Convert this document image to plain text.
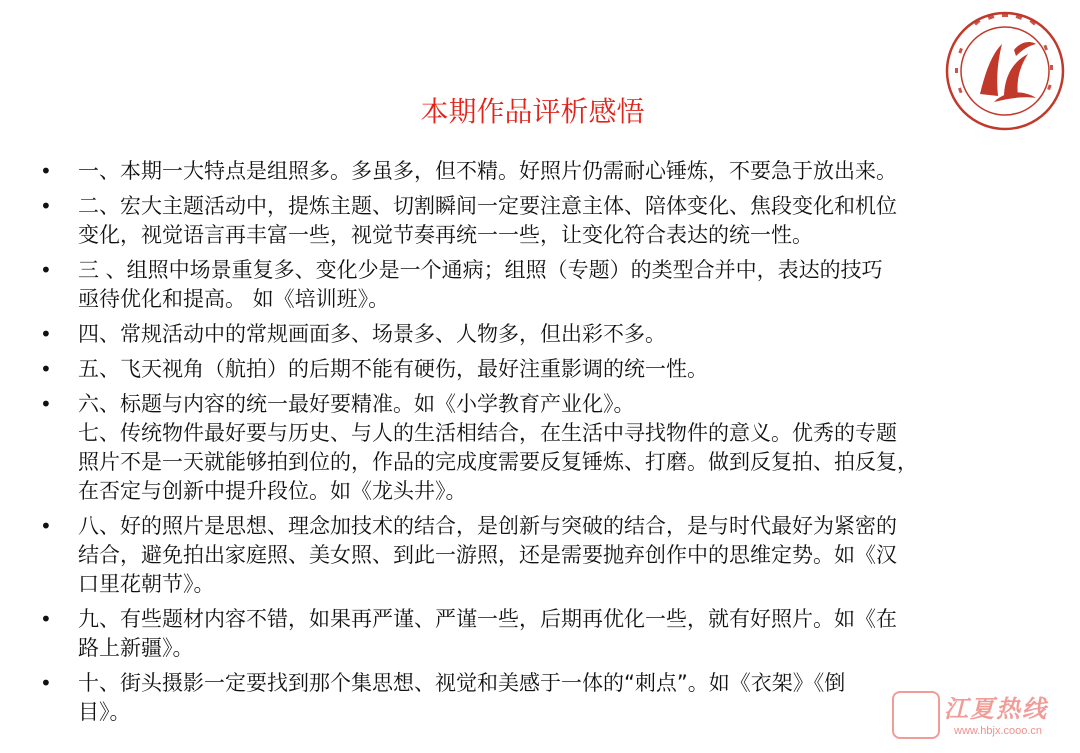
本期作品评析感悟
• 一、本期一大特点是组照多。多虽多，但不精。好照片仍需耐心锤炼，不要急于放出来。
• 二、宏大主题活动中，提炼主题、切割瞬间一定要注意主体、陪体变化、焦段变化和机位
变化，视觉语言再丰富一些，视觉节奏再统一一些，让变化符合表达的统一性。
• 三 、组照中场景重复多、变化少是一个通病；组照（专题）的类型合并中，表达的技巧
亟待优化和提高。 如《培训班》。
• 四、常规活动中的常规画面多、场景多、人物多，但出彩不多。
• 五、飞天视角（航拍）的后期不能有硬伤，最好注重影调的统一性。
• 六、标题与内容的统一最好要精准。如《小学教育产业化》。
七、传统物件最好要与历史、与人的生活相结合，在生活中寻找物件的意义。优秀的专题
照片不是一天就能够拍到位的，作品的完成度需要反复锤炼、打磨。做到反复拍、拍反复，
在否定与创新中提升段位。如《龙头井》。
• 八、好的照片是思想、理念加技术的结合，是创新与突破的结合，是与时代最好为紧密的
结合，避免拍出家庭照、美女照、到此一游照，还是需要抛弃创作中的思维定势。如《汉
口里花朝节》。
• 九、有些题材内容不错，如果再严谨、严谨一些，后期再优化一些，就有好照片。如《在
路上新疆》。
• 十、街头摄影一定要找到那个集思想、视觉和美感于一体的“刺点”。如《衣架》《倒
目》。	江夏热线
www.hbjx.cooo.cn
